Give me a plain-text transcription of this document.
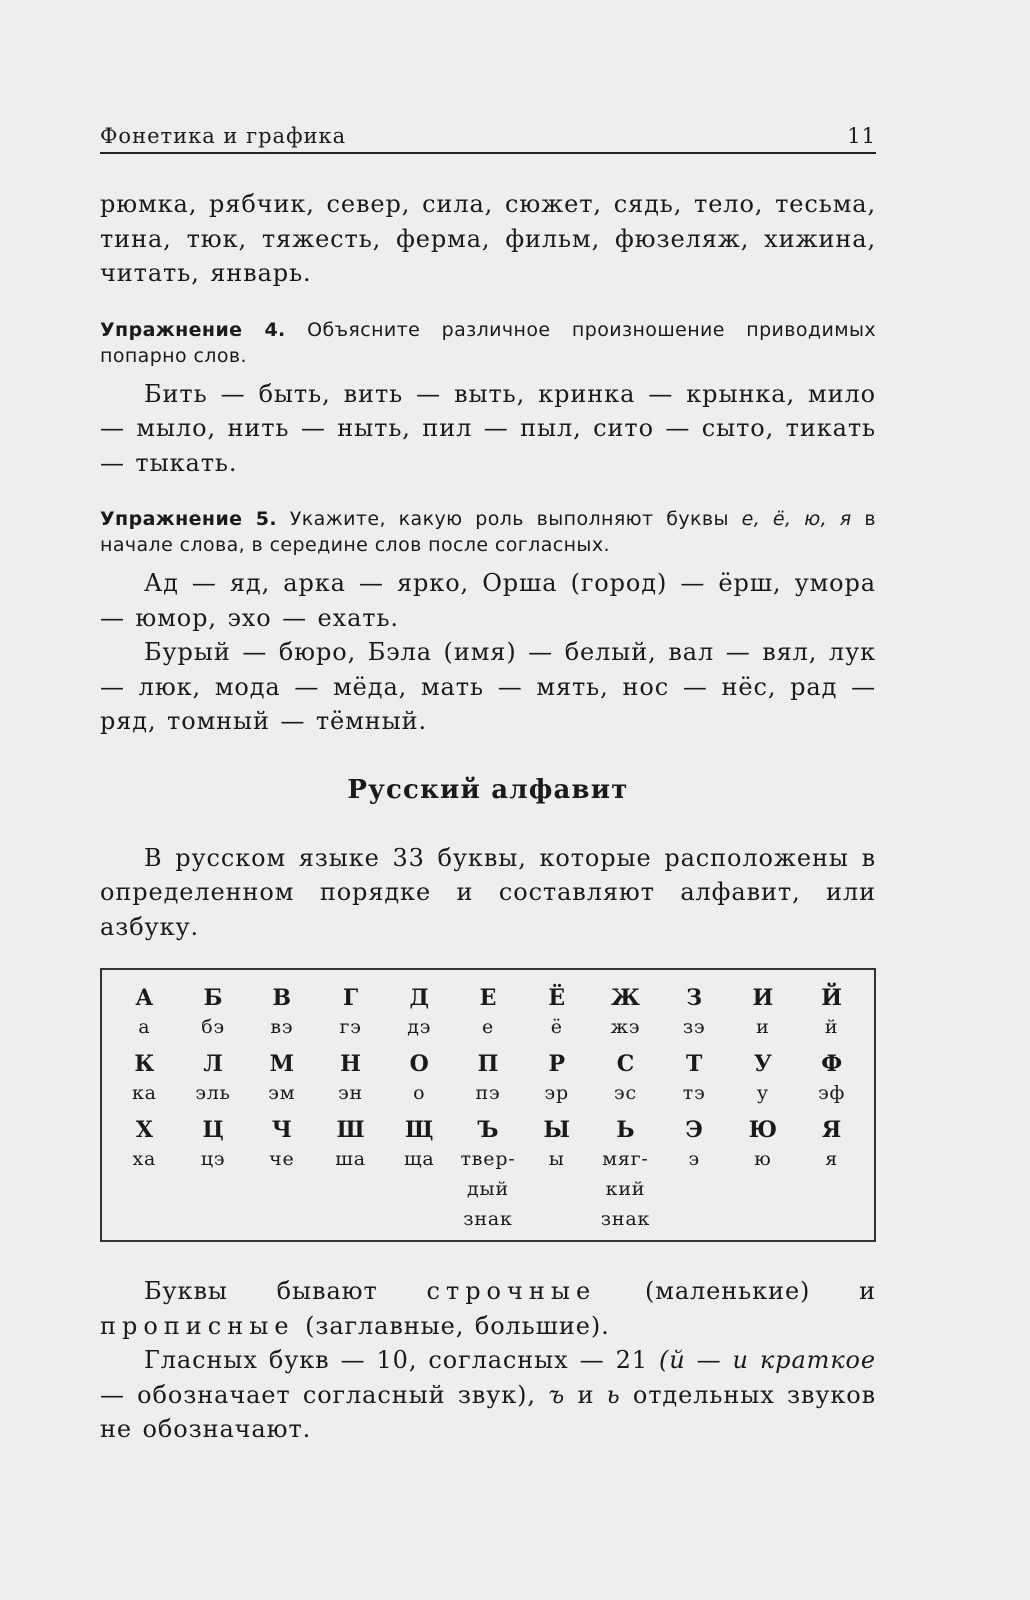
Фонетика и графика	11

рюмка, рябчик, север, сила, сюжет, сядь, тело, тесьма, тина, тюк, тяжесть, ферма, фильм, фюзеляж, хижина, читать, январь.

Упражнение 4. Объясните различное произношение приводимых попарно слов.

Бить — быть, вить — выть, кринка — крынка, мило — мыло, нить — ныть, пил — пыл, сито — сыто, тикать — тыкать.

Упражнение 5. Укажите, какую роль выполняют буквы е, ё, ю, я в начале слова, в середине слов после согласных.

Ад — яд, арка — ярко, Орша (город) — ёрш, умора — юмор, эхо — ехать.

Бурый — бюро, Бэла (имя) — белый, вал — вял, лук — люк, мода — мёда, мать — мять, нос — нёс, рад — ряд, томный — тёмный.

Русский алфавит

В русском языке 33 буквы, которые расположены в определенном порядке и составляют алфавит, или азбуку.

А
а
Б
бэ
В
вэ
Г
гэ
Д
дэ
Е
е
Ё
ё
Ж
жэ
З
зэ
И
и
Й
й
К
ка
Л
эль
М
эм
Н
эн
О
о
П
пэ
Р
эр
С
эс
Т
тэ
У
у
Ф
эф
Х
ха
Ц
цэ
Ч
че
Ш
ша
Щ
ща
Ъ
твер-
дый
знак
Ы
ы
Ь
мяг-
кий
знак
Э
э
Ю
ю
Я
я

Буквы бывают строчные (маленькие) и прописные (заглавные, большие).

Гласных букв — 10, согласных — 21 (й — и краткое — обозначает согласный звук), ъ и ь отдельных звуков не обозначают.
